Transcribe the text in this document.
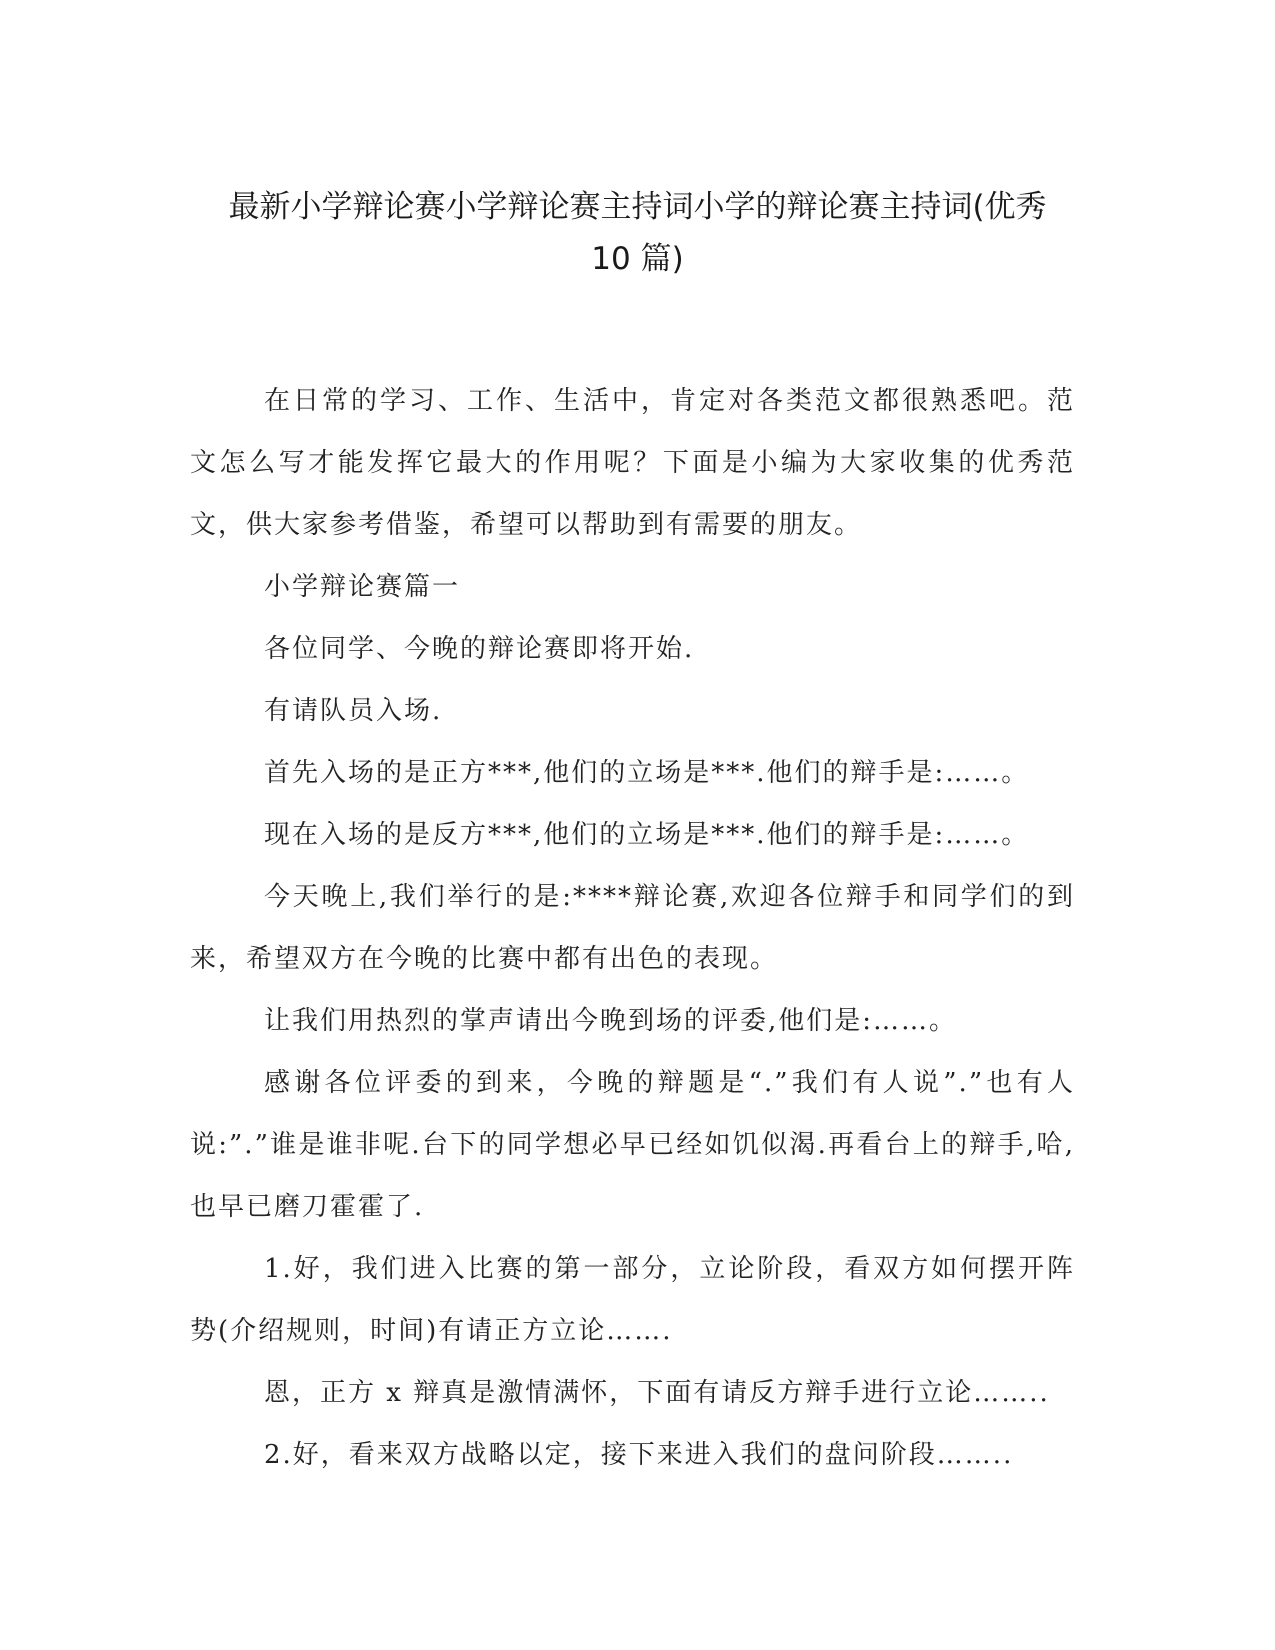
最新小学辩论赛小学辩论赛主持词小学的辩论赛主持词(优秀
10 篇)

在日常的学习、工作、生活中，肯定对各类范文都很熟悉吧。范文怎么写才能发挥它最大的作用呢？下面是小编为大家收集的优秀范文，供大家参考借鉴，希望可以帮助到有需要的朋友。

小学辩论赛篇一

各位同学、今晚的辩论赛即将开始.

有请队员入场.

首先入场的是正方***,他们的立场是***.他们的辩手是:……。

现在入场的是反方***,他们的立场是***.他们的辩手是:……。

今天晚上,我们举行的是:****辩论赛,欢迎各位辩手和同学们的到来，希望双方在今晚的比赛中都有出色的表现。

让我们用热烈的掌声请出今晚到场的评委,他们是:……。

感谢各位评委的到来，今晚的辩题是“.”我们有人说”.”也有人说:”.”谁是谁非呢.台下的同学想必早已经如饥似渴.再看台上的辩手,哈,也早已磨刀霍霍了.

1.好，我们进入比赛的第一部分，立论阶段，看双方如何摆开阵势(介绍规则，时间)有请正方立论…….

恩，正方 x 辩真是激情满怀，下面有请反方辩手进行立论……..

2.好，看来双方战略以定，接下来进入我们的盘问阶段……..
